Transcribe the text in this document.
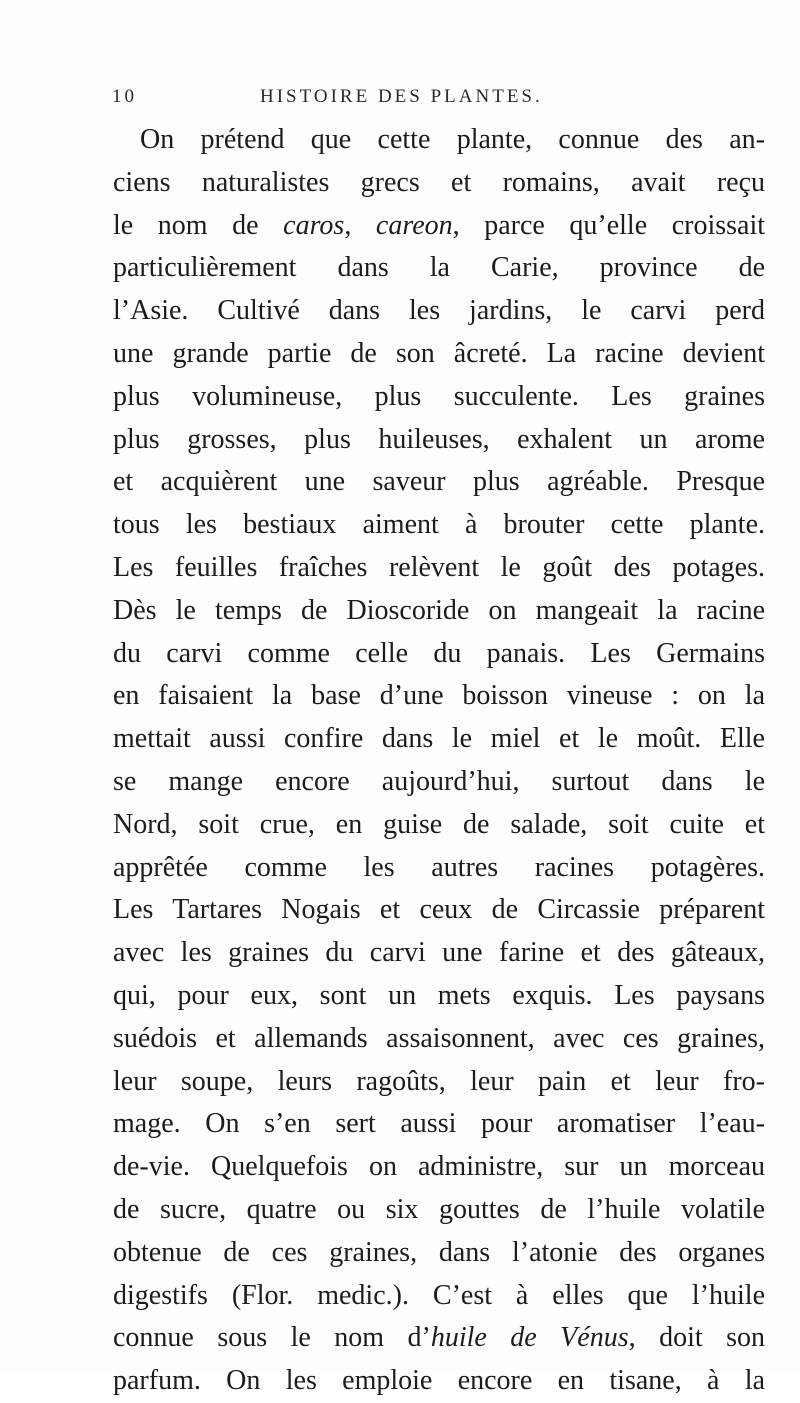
10	HISTOIRE DES PLANTES.
On prétend que cette plante, connue des an-
ciens naturalistes grecs et romains, avait reçu
le nom de caros, careon, parce qu’elle croissait
particulièrement dans la Carie, province de
l’Asie. Cultivé dans les jardins, le carvi perd
une grande partie de son âcreté. La racine devient
plus volumineuse, plus succulente. Les graines
plus grosses, plus huileuses, exhalent un arome
et acquièrent une saveur plus agréable. Presque
tous les bestiaux aiment à brouter cette plante.
Les feuilles fraîches relèvent le goût des potages.
Dès le temps de Dioscoride on mangeait la racine
du carvi comme celle du panais. Les Germains
en faisaient la base d’une boisson vineuse : on la
mettait aussi confire dans le miel et le moût. Elle
se mange encore aujourd’hui, surtout dans le
Nord, soit crue, en guise de salade, soit cuite et
apprêtée comme les autres racines potagères.
Les Tartares Nogais et ceux de Circassie préparent
avec les graines du carvi une farine et des gâteaux,
qui, pour eux, sont un mets exquis. Les paysans
suédois et allemands assaisonnent, avec ces graines,
leur soupe, leurs ragoûts, leur pain et leur fro-
mage. On s’en sert aussi pour aromatiser l’eau-
de-vie. Quelquefois on administre, sur un morceau
de sucre, quatre ou six gouttes de l’huile volatile
obtenue de ces graines, dans l’atonie des organes
digestifs (Flor. medic.). C’est à elles que l’huile
connue sous le nom d’huile de Vénus, doit son
parfum. On les emploie encore en tisane, à la
